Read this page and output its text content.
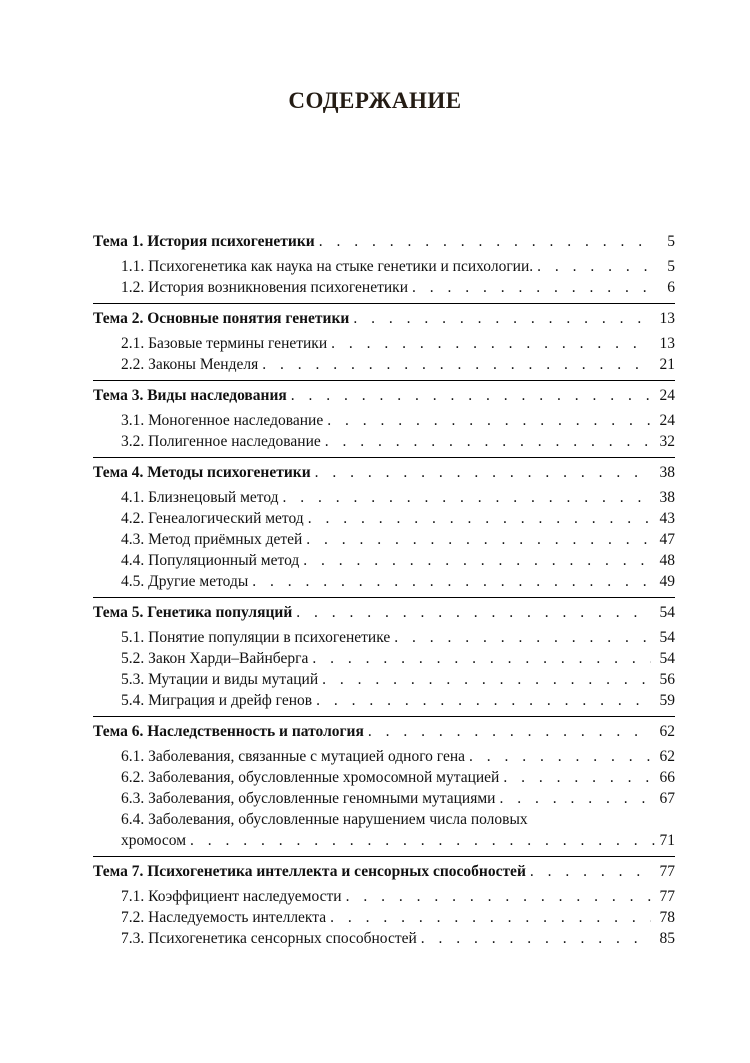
СОДЕРЖАНИЕ
Тема 1. История психогенетики . . .	5
1.1. Психогенетика как наука на стыке генетики и психологии. . . .	5
1.2. История возникновения психогенетики . . .	6
Тема 2. Основные понятия генетики . . .	13
2.1. Базовые термины генетики . . .	13
2.2. Законы Менделя . . .	21
Тема 3. Виды наследования . . .	24
3.1. Моногенное наследование . . .	24
3.2. Полигенное наследование . . .	32
Тема 4. Методы психогенетики . . .	38
4.1. Близнецовый метод . . .	38
4.2. Генеалогический метод . . .	43
4.3. Метод приёмных детей . . .	47
4.4. Популяционный метод . . .	48
4.5. Другие методы . . .	49
Тема 5. Генетика популяций . . .	54
5.1. Понятие популяции в психогенетике . . .	54
5.2. Закон Харди–Вайнберга . . .	54
5.3. Мутации и виды мутаций . . .	56
5.4. Миграция и дрейф генов . . .	59
Тема 6. Наследственность и патология . . .	62
6.1. Заболевания, связанные с мутацией одного гена . . .	62
6.2. Заболевания, обусловленные хромосомной мутацией . . .	66
6.3. Заболевания, обусловленные геномными мутациями . . .	67
6.4. Заболевания, обусловленные нарушением числа половых
хромосом . . .	71
Тема 7. Психогенетика интеллекта и сенсорных способностей . . .	77
7.1. Коэффициент наследуемости . . .	77
7.2. Наследуемость интеллекта . . .	78
7.3. Психогенетика сенсорных способностей . . .	85
